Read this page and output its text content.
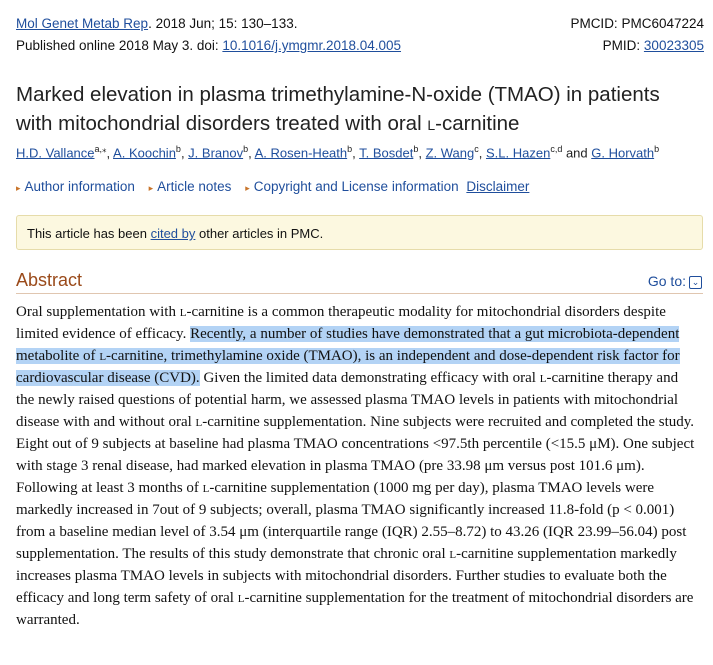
Mol Genet Metab Rep. 2018 Jun; 15: 130–133.	PMCID: PMC6047224
Published online 2018 May 3. doi: 10.1016/j.ymgmr.2018.04.005	PMID: 30023305
Marked elevation in plasma trimethylamine-N-oxide (TMAO) in patients with mitochondrial disorders treated with oral l-carnitine
H.D. Vallance$^{a,⁎}$, A. Koochin$^b$, J. Branov$^b$, A. Rosen-Heath$^b$, T. Bosdet$^b$, Z. Wang$^c$, S.L. Hazen$^{c,d}$ and G. Horvath$^b$
▸ Author information ▸ Article notes ▸ Copyright and License information Disclaimer
This article has been cited by other articles in PMC.
Abstract	Go to: ⌄
Oral supplementation with l-carnitine is a common therapeutic modality for mitochondrial disorders despite limited evidence of efficacy. Recently, a number of studies have demonstrated that a gut microbiota-dependent metabolite of l-carnitine, trimethylamine oxide (TMAO), is an independent and dose-dependent risk factor for cardiovascular disease (CVD). Given the limited data demonstrating efficacy with oral l-carnitine therapy and the newly raised questions of potential harm, we assessed plasma TMAO levels in patients with mitochondrial disease with and without oral l-carnitine supplementation. Nine subjects were recruited and completed the study. Eight out of 9 subjects at baseline had plasma TMAO concentrations <97.5th percentile (<15.5 μM). One subject with stage 3 renal disease, had marked elevation in plasma TMAO (pre 33.98 μm versus post 101.6 μm). Following at least 3 months of l-carnitine supplementation (1000 mg per day), plasma TMAO levels were markedly increased in 7out of 9 subjects; overall, plasma TMAO significantly increased 11.8-fold (p < 0.001) from a baseline median level of 3.54 μm (interquartile range (IQR) 2.55–8.72) to 43.26 (IQR 23.99–56.04) post supplementation. The results of this study demonstrate that chronic oral l-carnitine supplementation markedly increases plasma TMAO levels in subjects with mitochondrial disorders. Further studies to evaluate both the efficacy and long term safety of oral l-carnitine supplementation for the treatment of mitochondrial disorders are warranted.
